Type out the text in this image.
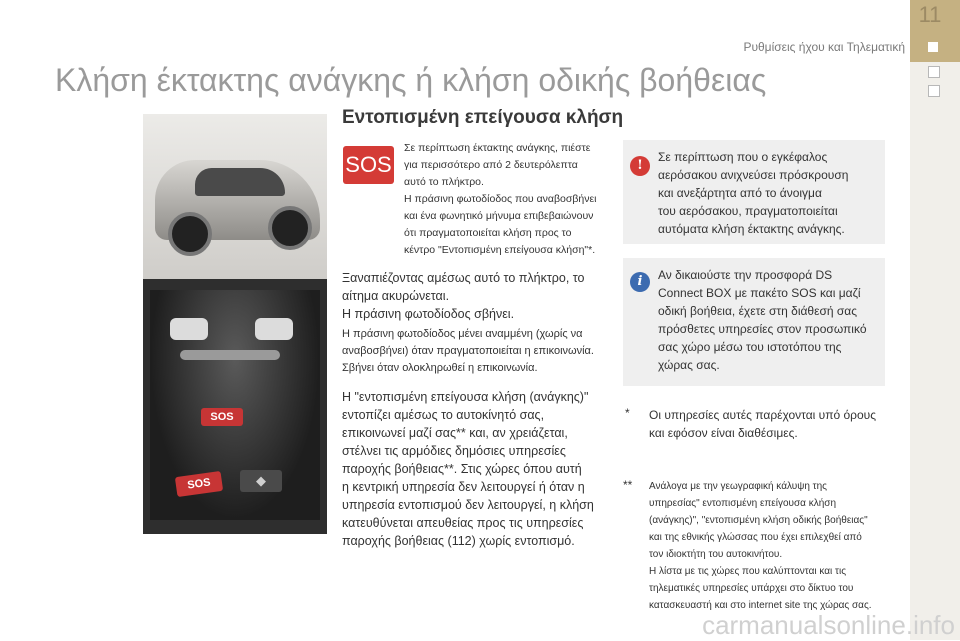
11
Ρυθμίσεις ήχου και Τηλεματική
Κλήση έκτακτης ανάγκης ή κλήση οδικής βοήθειας
SOS
SOS	◆
Εντοπισμένη επείγουσα κλήση
SOS
Σε περίπτωση έκτακτης ανάγκης, πιέστε
για περισσότερο από 2 δευτερόλεπτα
αυτό το πλήκτρο.
Η πράσινη φωτοδίοδος που αναβοσβήνει
και ένα φωνητικό μήνυμα επιβεβαιώνουν
ότι πραγματοποιείται κλήση προς το
κέντρο "Εντοπισμένη επείγουσα κλήση"*.
Ξαναπιέζοντας αμέσως αυτό το πλήκτρο, το
αίτημα ακυρώνεται.
Η πράσινη φωτοδίοδος σβήνει.
Η πράσινη φωτοδίοδος μένει αναμμένη (χωρίς να
αναβοσβήνει) όταν πραγματοποιείται η επικοινωνία.
Σβήνει όταν ολοκληρωθεί η επικοινωνία.
Η "εντοπισμένη επείγουσα κλήση (ανάγκης)"
εντοπίζει αμέσως το αυτοκίνητό σας,
επικοινωνεί μαζί σας** και, αν χρειάζεται,
στέλνει τις αρμόδιες δημόσιες υπηρεσίες
παροχής βοήθειας**. Στις χώρες όπου αυτή
η κεντρική υπηρεσία δεν λειτουργεί ή όταν η
υπηρεσία εντοπισμού δεν λειτουργεί, η κλήση
κατευθύνεται απευθείας προς τις υπηρεσίες
παροχής βοήθειας (112) χωρίς εντοπισμό.
!
Σε περίπτωση που ο εγκέφαλος
αερόσακου ανιχνεύσει πρόσκρουση
και ανεξάρτητα από το άνοιγμα
του αερόσακου, πραγματοποιείται
αυτόματα κλήση έκτακτης ανάγκης.
i	Αν δικαιούστε την προσφορά DS
Connect BOX με πακέτο SOS και μαζί
οδική βοήθεια, έχετε στη διάθεσή σας
πρόσθετες υπηρεσίες στον προσωπικό
σας χώρο μέσω του ιστοτόπου της
χώρας σας.
* Οι υπηρεσίες αυτές παρέχονται υπό όρους
και εφόσον είναι διαθέσιμες.
** Ανάλογα με την γεωγραφική κάλυψη της
υπηρεσίας" εντοπισμένη επείγουσα κλήση
(ανάγκης)", "εντοπισμένη κλήση οδικής βοήθειας"
και της εθνικής γλώσσας που έχει επιλεχθεί από
τον ιδιοκτήτη του αυτοκινήτου.
Η λίστα με τις χώρες που καλύπτονται και τις
τηλεματικές υπηρεσίες υπάρχει στο δίκτυο του
κατασκευαστή και στο internet site της χώρας σας.
carmanualsonline.info
